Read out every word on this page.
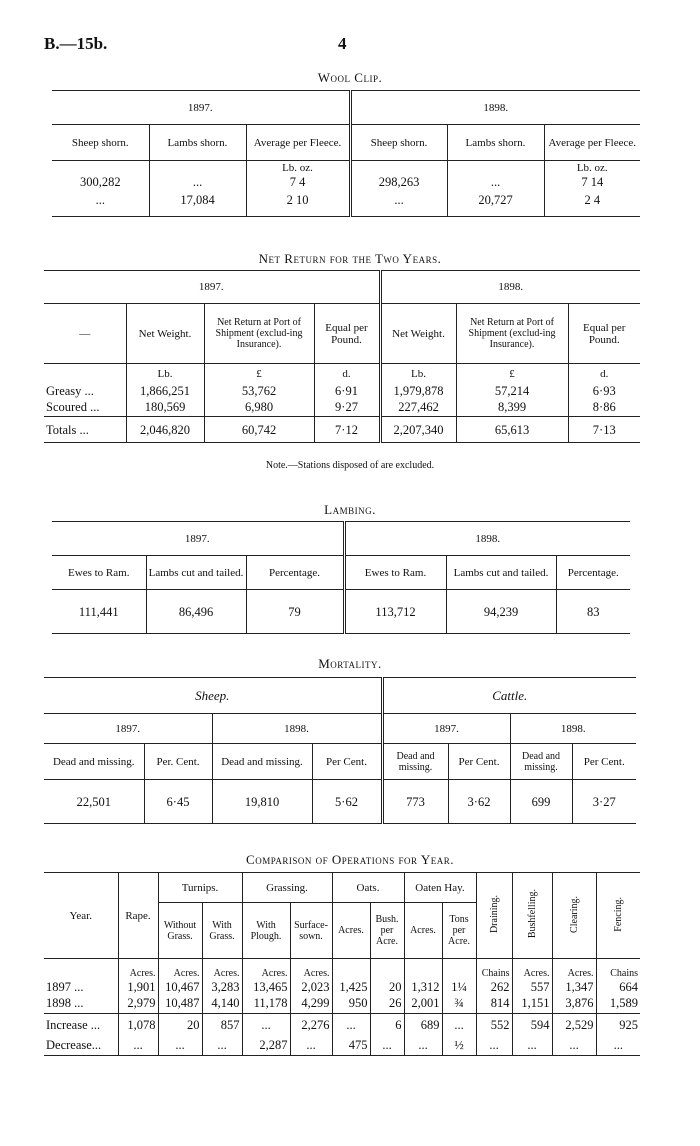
B.—15b.	4
Wool Clip.
1897.			1898.		
Sheep shorn.	Lambs shorn.	Average per Fleece.	Sheep shorn.	Lambs shorn.	Average per Fleece.
		Lb. oz.			Lb. oz.
300,282	...	7 4	298,263	...	7 14
...	17,084	2 10	...	20,727	2 4

Net Return for the Two Years.
1897.				1898.		
—	Net Weight.	Net Return at Port of Shipment (exclud-ing Insurance).	Equal per Pound.	Net Weight.	Net Return at Port of Shipment (exclud-ing Insurance).	Equal per Pound.
	Lb.	£	d.	Lb.	£	d.
Greasy ...	1,866,251	53,762	6·91	1,979,878	57,214	6·93
Scoured ...	180,569	6,980	9·27	227,462	8,399	8·86
Totals ...	2,046,820	60,742	7·12	2,207,340	65,613	7·13
Note.—Stations disposed of are excluded.
Lambing.
1897.			1898.		
Ewes to Ram.	Lambs cut and tailed.	Percentage.	Ewes to Ram.	Lambs cut and tailed.	Percentage.
111,441	86,496	79	113,712	94,239	83
Mortality.
Sheep.				Cattle.			
1897.		1898.		1897.		1898.	
Dead and missing.	Per. Cent.	Dead and missing.	Per Cent.	Dead and missing.	Per Cent.	Dead and missing.	Per Cent.
22,501	6·45	19,810	5·62	773	3·62	699	3·27
Comparison of Operations for Year.
Year.	Rape.	Turnips.		Grassing.		Oats.		Oaten Hay.		Draining.	Bushfelling.	Clearing.	Fencing.
		Without Grass.	With Grass.	With Plough.	Surface-sown.	Acres.	Bush. per Acre.	Acres.	Tons per Acre.				

	Acres.	Acres.	Acres.	Acres.	Acres.					Chains	Acres.	Acres.	Chains
1897 ...	1,901	10,467	3,283	13,465	2,023	1,425	20	1,312	1¼	262	557	1,347	664
1898 ...	2,979	10,487	4,140	11,178	4,299	950	26	2,001	¾	814	1,151	3,876	1,589
Increase ...	1,078	20	857	...	2,276	...	6	689	...	552	594	2,529	925
Decrease...	...	...	...	2,287	...	475	...	...	½	...	...	...	...
